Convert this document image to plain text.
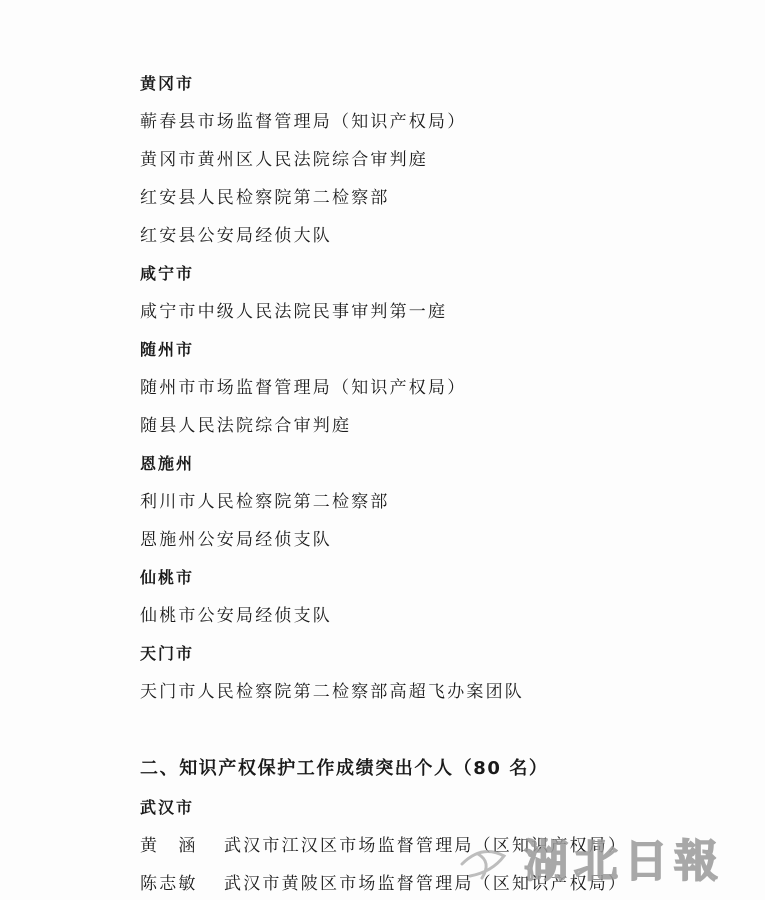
黄冈市
蕲春县市场监督管理局（知识产权局）
黄冈市黄州区人民法院综合审判庭
红安县人民检察院第二检察部
红安县公安局经侦大队
咸宁市
咸宁市中级人民法院民事审判第一庭
随州市
随州市市场监督管理局（知识产权局）
随县人民法院综合审判庭
恩施州
利川市人民检察院第二检察部
恩施州公安局经侦支队
仙桃市
仙桃市公安局经侦支队
天门市
天门市人民检察院第二检察部高超飞办案团队
二、知识产权保护工作成绩突出个人（80 名）
武汉市
黄　涵 武汉市江汉区市场监督管理局（区知识产权局）
陈志敏 武汉市黄陂区市场监督管理局（区知识产权局）
湖北日報
